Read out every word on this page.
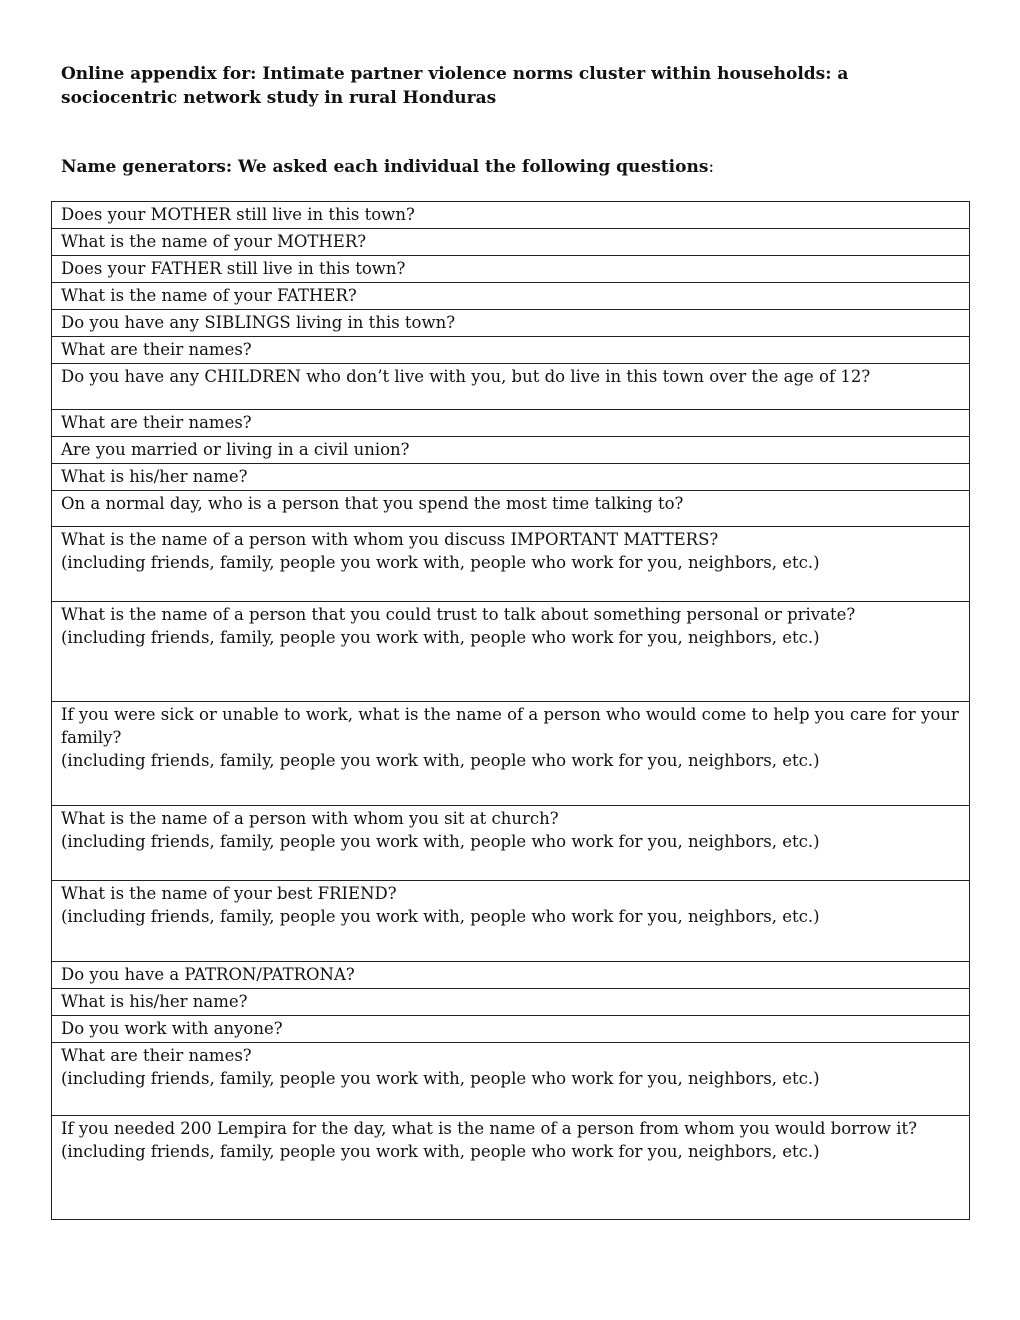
Online appendix for: Intimate partner violence norms cluster within households: a sociocentric network study in rural Honduras
Name generators: We asked each individual the following questions:
Does your MOTHER still live in this town?

What is the name of your MOTHER?

Does your FATHER still live in this town?

What is the name of your FATHER?

Do you have any SIBLINGS living in this town?

What are their names?

Do you have any CHILDREN who don’t live with you, but do live in this town over the age of 12?

What are their names?

Are you married or living in a civil union?

What is his/her name?

On a normal day, who is a person that you spend the most time talking to?

What is the name of a person with whom you discuss IMPORTANT MATTERS?
(including friends, family, people you work with, people who work for you, neighbors, etc.)

What is the name of a person that you could trust to talk about something personal or private?
(including friends, family, people you work with, people who work for you, neighbors, etc.)

If you were sick or unable to work, what is the name of a person who would come to help you care for your family?
(including friends, family, people you work with, people who work for you, neighbors, etc.)

What is the name of a person with whom you sit at church?
(including friends, family, people you work with, people who work for you, neighbors, etc.)

What is the name of your best FRIEND?
(including friends, family, people you work with, people who work for you, neighbors, etc.)

Do you have a PATRON/PATRONA?

What is his/her name?

Do you work with anyone?

What are their names?
(including friends, family, people you work with, people who work for you, neighbors, etc.)

If you needed 200 Lempira for the day, what is the name of a person from whom you would borrow it?
(including friends, family, people you work with, people who work for you, neighbors, etc.)
